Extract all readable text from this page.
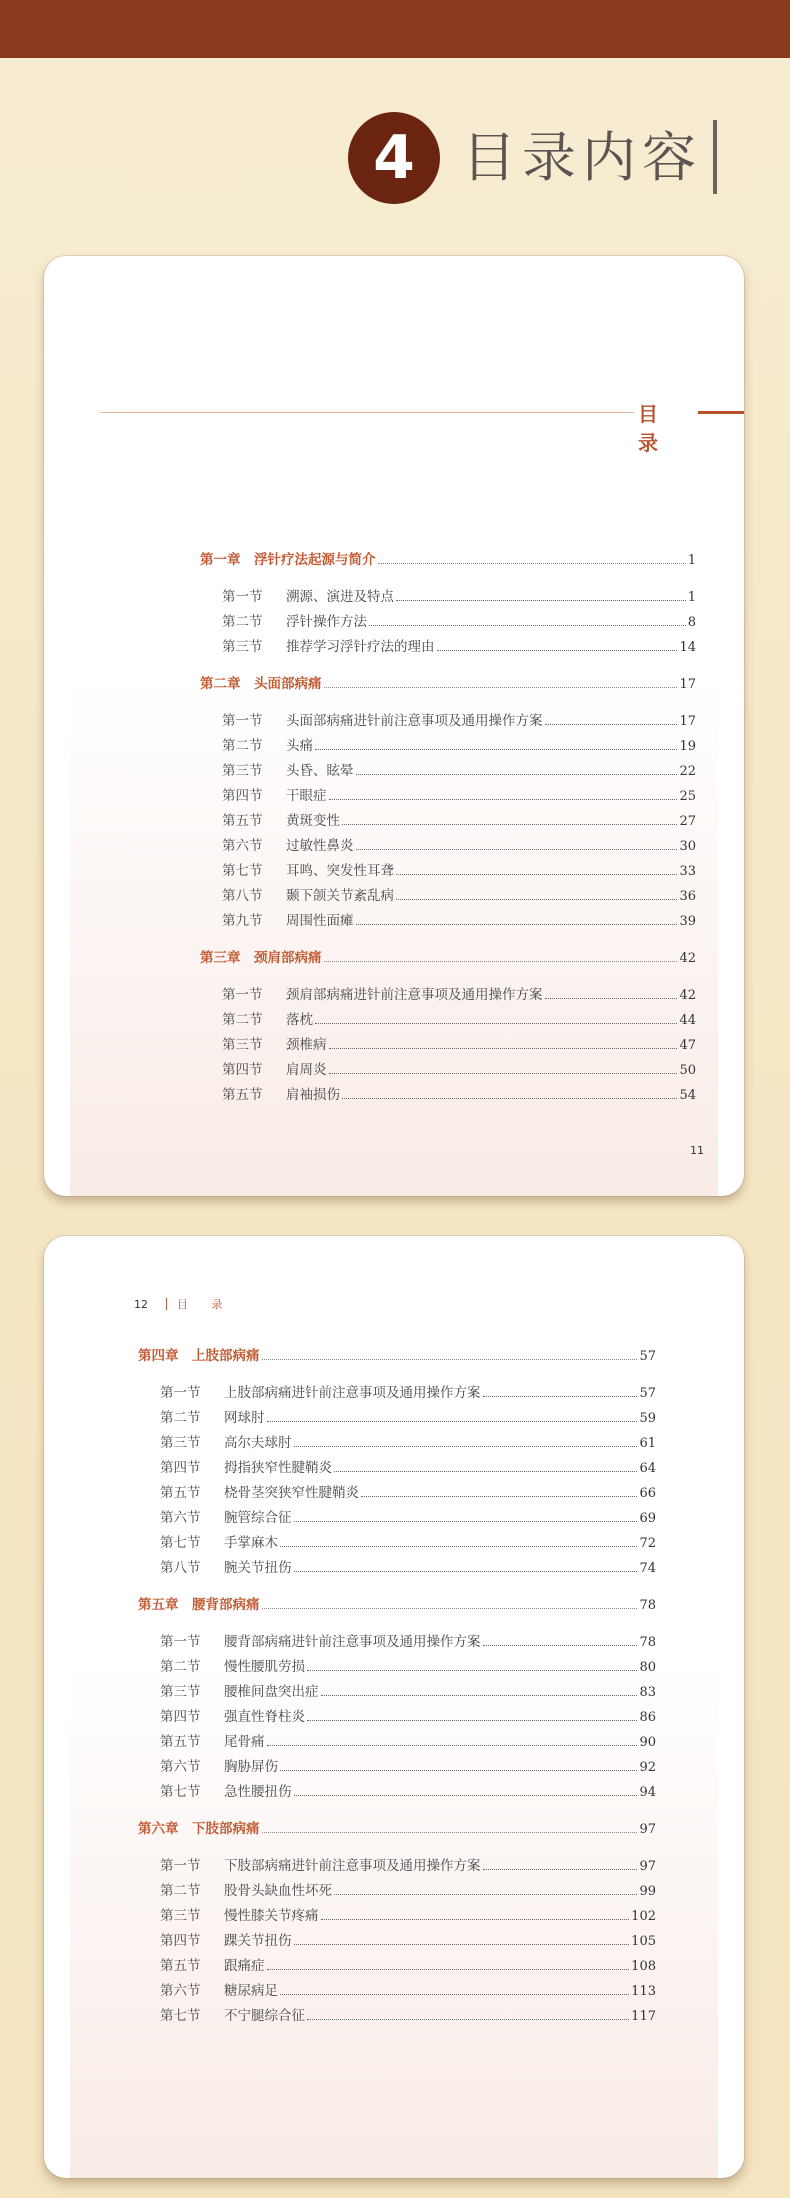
4 目录内容
目 录
第一章　浮针疗法起源与简介	1
第一节 溯源、演进及特点	1
第二节 浮针操作方法	8
第三节 推荐学习浮针疗法的理由	14
第二章　头面部病痛	17
第一节 头面部病痛进针前注意事项及通用操作方案	17
第二节 头痛	19
第三节 头昏、眩晕	22
第四节 干眼症	25
第五节 黄斑变性	27
第六节 过敏性鼻炎	30
第七节 耳鸣、突发性耳聋	33
第八节 颞下颌关节紊乱病	36
第九节 周围性面瘫	39
第三章　颈肩部病痛	42
第一节 颈肩部病痛进针前注意事项及通用操作方案	42
第二节 落枕	44
第三节 颈椎病	47
第四节 肩周炎	50
第五节 肩袖损伤	54
11
12	目 录
第四章　上肢部病痛	57
第一节 上肢部病痛进针前注意事项及通用操作方案	57
第二节 网球肘	59
第三节 高尔夫球肘	61
第四节 拇指狭窄性腱鞘炎	64
第五节 桡骨茎突狭窄性腱鞘炎	66
第六节 腕管综合征	69
第七节 手掌麻木	72
第八节 腕关节扭伤	74
第五章　腰背部病痛	78
第一节 腰背部病痛进针前注意事项及通用操作方案	78
第二节 慢性腰肌劳损	80
第三节 腰椎间盘突出症	83
第四节 强直性脊柱炎	86
第五节 尾骨痛	90
第六节 胸胁屏伤	92
第七节 急性腰扭伤	94
第六章　下肢部病痛	97
第一节 下肢部病痛进针前注意事项及通用操作方案	97
第二节 股骨头缺血性坏死	99
第三节 慢性膝关节疼痛	102
第四节 踝关节扭伤	105
第五节 跟痛症	108
第六节 糖尿病足	113
第七节 不宁腿综合征	117
